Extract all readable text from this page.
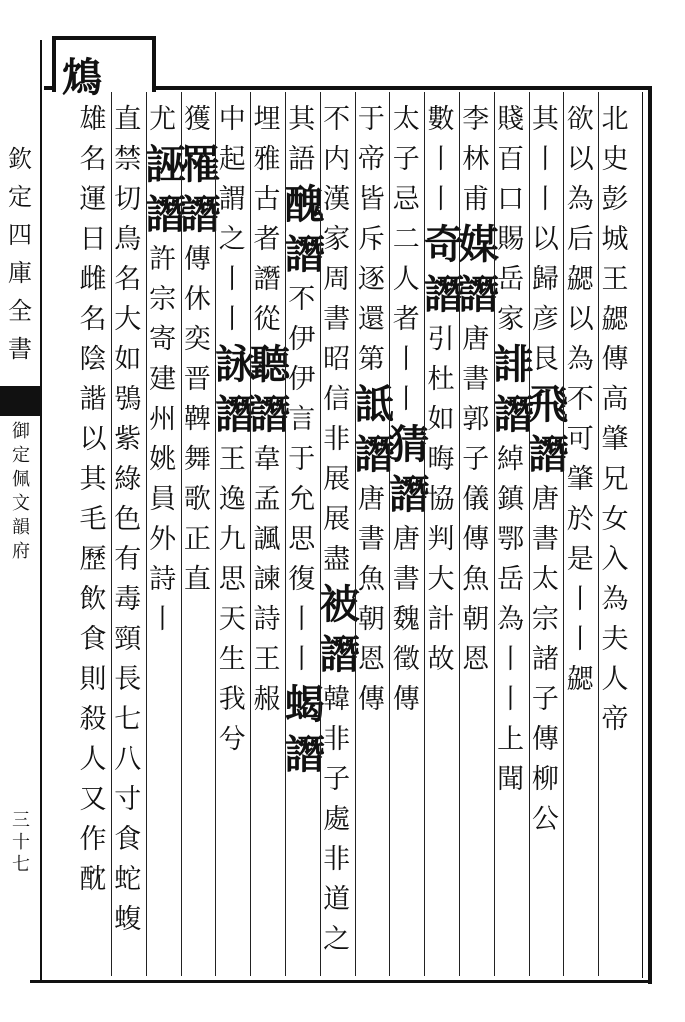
欽定四庫全書
御定佩文韻府
三十七
鴆
北史彭城王勰傳高肇兄女入為夫人帝
欲以為后勰以為不可肇於是丨丨勰
其丨丨以歸彦艮
飛
譖
唐書太宗諸子傳柳公
賤百口賜岳家
誹
譖
綽鎮鄂岳為丨丨上聞
李林甫
媒
譖
唐書郭子儀傳魚朝恩
數丨丨
奇
譖
引杜如晦協判大計故
太子忌二人者丨丨
猜
譖
唐書魏徵傳
于帝皆斥逐還第
詆
譖
唐書魚朝恩傳
不内漢家周書昭信非展展盡
被
譖
韓非子處非道之
其語
醜
譖
不伊伊言于允思復丨丨
蝎
譖
埋雅古者譖從
聽
譖
韋孟諷諫詩王赧
中起謂之丨丨
詠
譖
王逸九思天生我兮
獲
罹
譖
傳休奕晋鞞舞歌正直
尤
誣
譖
許宗寄建州姚員外詩丨
直禁切鳥名大如鴞紫綠色有毒頸長七八寸食蛇蝮
雄名運日雌名陰諧以其毛歷飲食則殺人又作酖
